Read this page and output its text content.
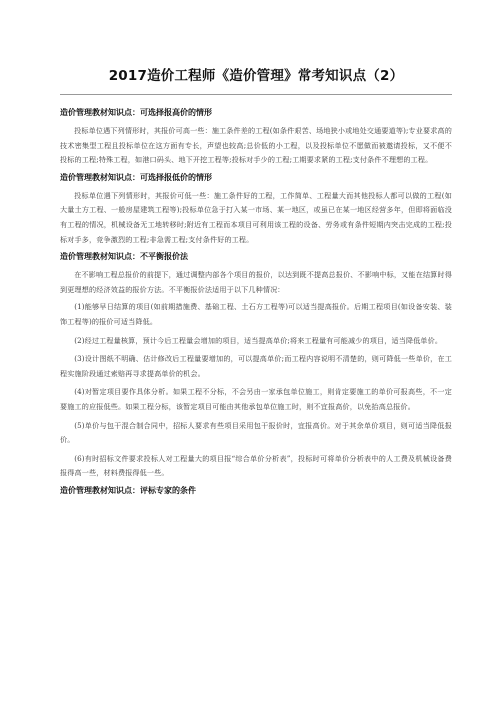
2017造价工程师《造价管理》常考知识点（2）
造价管理教材知识点：可选择报高价的情形

投标单位遇下列情形时，其报价可高一些：施工条件差的工程(如条件艰苦、场地狭小或地处交通要道等);专业要求高的技术密集型工程且投标单位在这方面有专长，声望也较高;总价低的小工程，以及投标单位不愿做而被邀请投标，又不便不投标的工程;特殊工程，如港口码头、地下开挖工程等;投标对手少的工程;工期要求紧的工程;支付条件不理想的工程。

造价管理教材知识点：可选择报低价的情形

投标单位遇下列情形时，其报价可低一些：施工条件好的工程，工作简单、工程量大而其他投标人都可以做的工程(如大量土方工程、一般房屋建筑工程等);投标单位急于打入某一市场、某一地区，或虽已在某一地区经营多年，但即将面临没有工程的情况，机械设备无工地转移时;附近有工程而本项目可利用该工程的设备、劳务或有条件短期内突击完成的工程;投标对手多，竞争激烈的工程;非急需工程;支付条件好的工程。

造价管理教材知识点：不平衡报价法

在不影响工程总报价的前提下，通过调整内部各个项目的报价，以达到既不提高总报价、不影响中标，又能在结算时得到更理想的经济效益的报价方法。不平衡报价法适用于以下几种情况：

(1)能够早日结算的项目(如前期措施费、基础工程、土石方工程等)可以适当提高报价。后期工程项目(如设备安装、装饰工程等)的报价可适当降低。

(2)经过工程量核算，预计今后工程量会增加的项目，适当提高单价;将来工程量有可能减少的项目，适当降低单价。

(3)设计图纸不明确、估计修改后工程量要增加的，可以提高单价;而工程内容说明不清楚的，则可降低一些单价，在工程实施阶段通过索赔再寻求提高单价的机会。

(4)对暂定项目要作具体分析。如果工程不分标，不会另由一家承包单位施工，则肯定要施工的单价可报高些，不一定要施工的应报低些。如果工程分标，该暂定项目可能由其他承包单位施工时，则不宜报高价，以免抬高总报价。

(5)单价与包干混合制合同中，招标人要求有些项目采用包干报价时，宜报高价。对于其余单价项目，则可适当降低报价。

(6)有时招标文件要求投标人对工程量大的项目报“综合单价分析表”，投标时可将单价分析表中的人工费及机械设备费报得高一些，材料费报得低一些。

造价管理教材知识点：评标专家的条件
